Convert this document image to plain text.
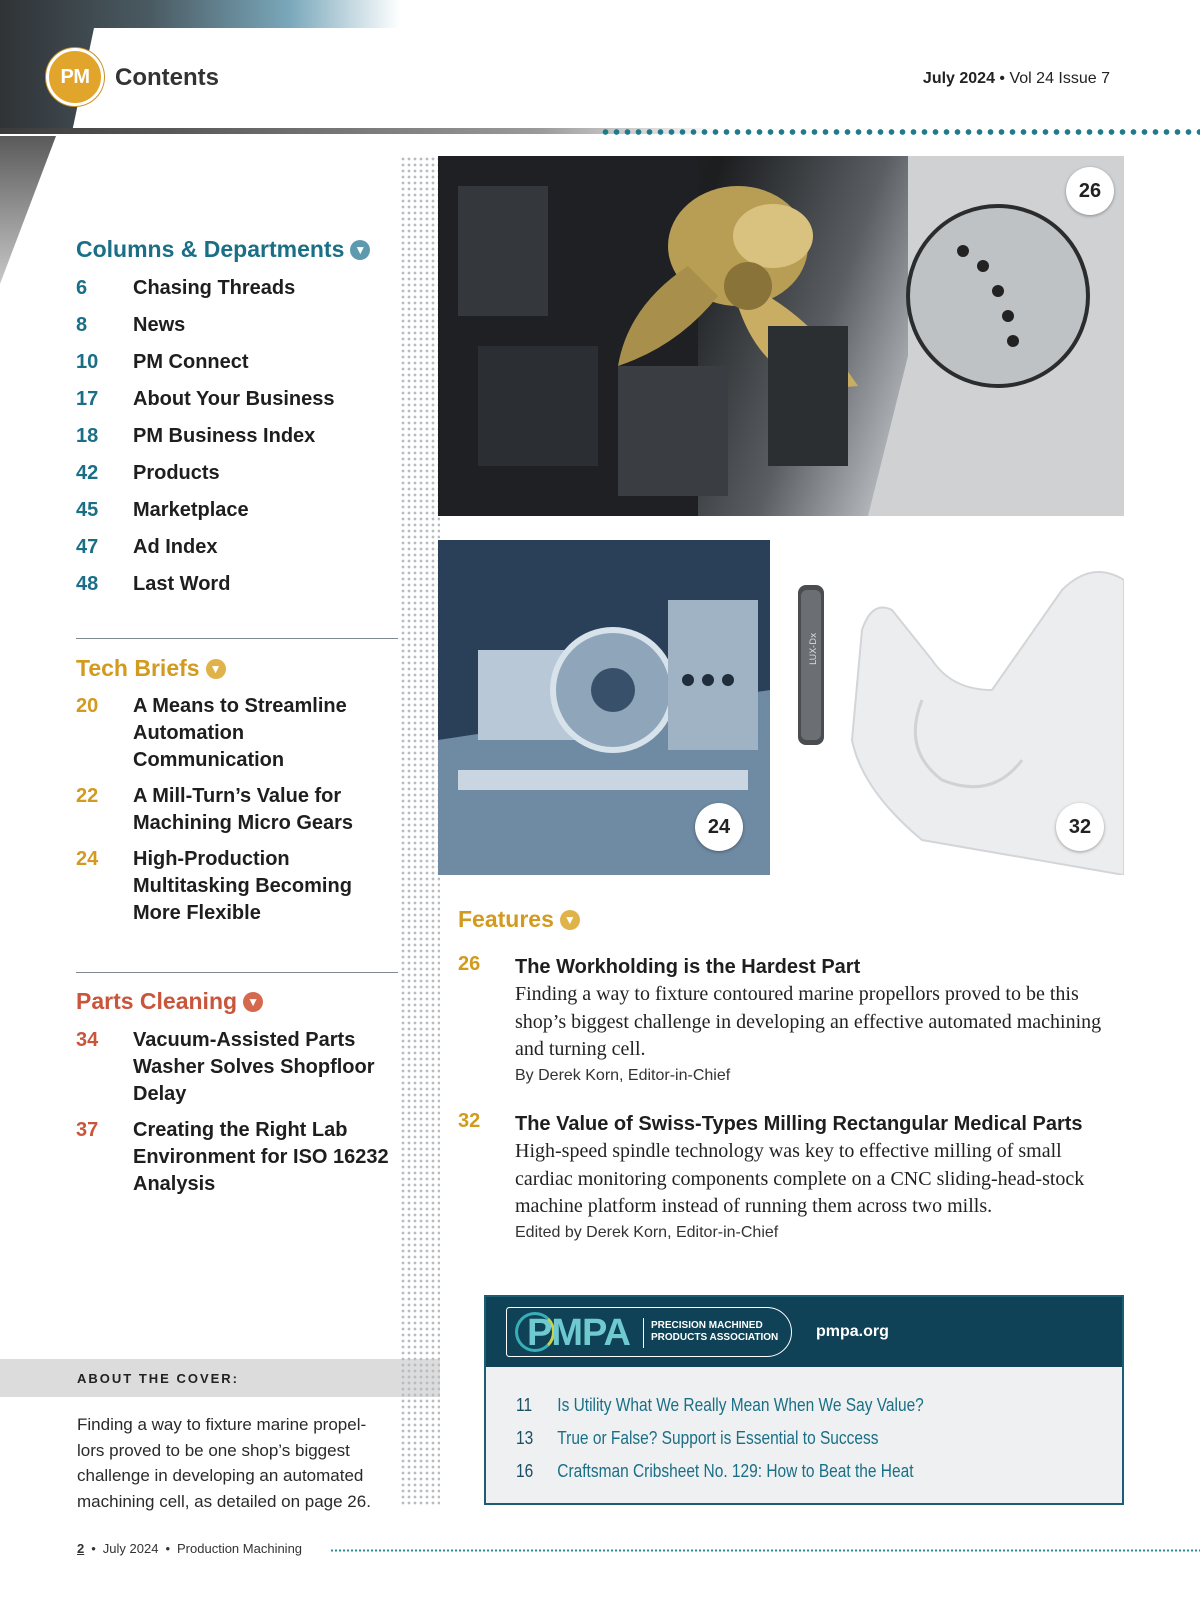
PM	Contents	July 2024 • Vol 24 Issue 7
Columns & Departments ▼
6	Chasing Threads
8	News
10	PM Connect
17	About Your Business
18	PM Business Index
42	Products
45	Marketplace
47	Ad Index
48	Last Word
Tech Briefs ▼
20	A Means to Streamline Automation Communication
22	A Mill-Turn’s Value for Machining Micro Gears
24	High-Production Multitasking Becoming More Flexible
Parts Cleaning ▼
34	Vacuum-Assisted Parts Washer Solves Shopfloor Delay
37	Creating the Right Lab Environment for ISO 16232 Analysis
ABOUT THE COVER:
Finding a way to fixture marine propel-lors proved to be one shop’s biggest challenge in developing an automated machining cell, as detailed on page 26.
26
24
LUX-Dx
32
Features ▼
26 The Workholding is the Hardest Part
Finding a way to fixture contoured marine propellors proved to be this shop’s biggest challenge in developing an effective automated machining and turning cell.
By Derek Korn, Editor-in-Chief
32 The Value of Swiss-Types Milling Rectangular Medical Parts
High-speed spindle technology was key to effective milling of small cardiac monitoring components complete on a CNC sliding-head-stock machine platform instead of running them across two mills.
Edited by Derek Korn, Editor-in-Chief
PMPA PRECISION MACHINED
PRODUCTS ASSOCIATION	pmpa.org
11	Is Utility What We Really Mean When We Say Value?
13	True or False? Support is Essential to Success
16	Craftsman Cribsheet No. 129: How to Beat the Heat
2 • July 2024 • Production Machining
